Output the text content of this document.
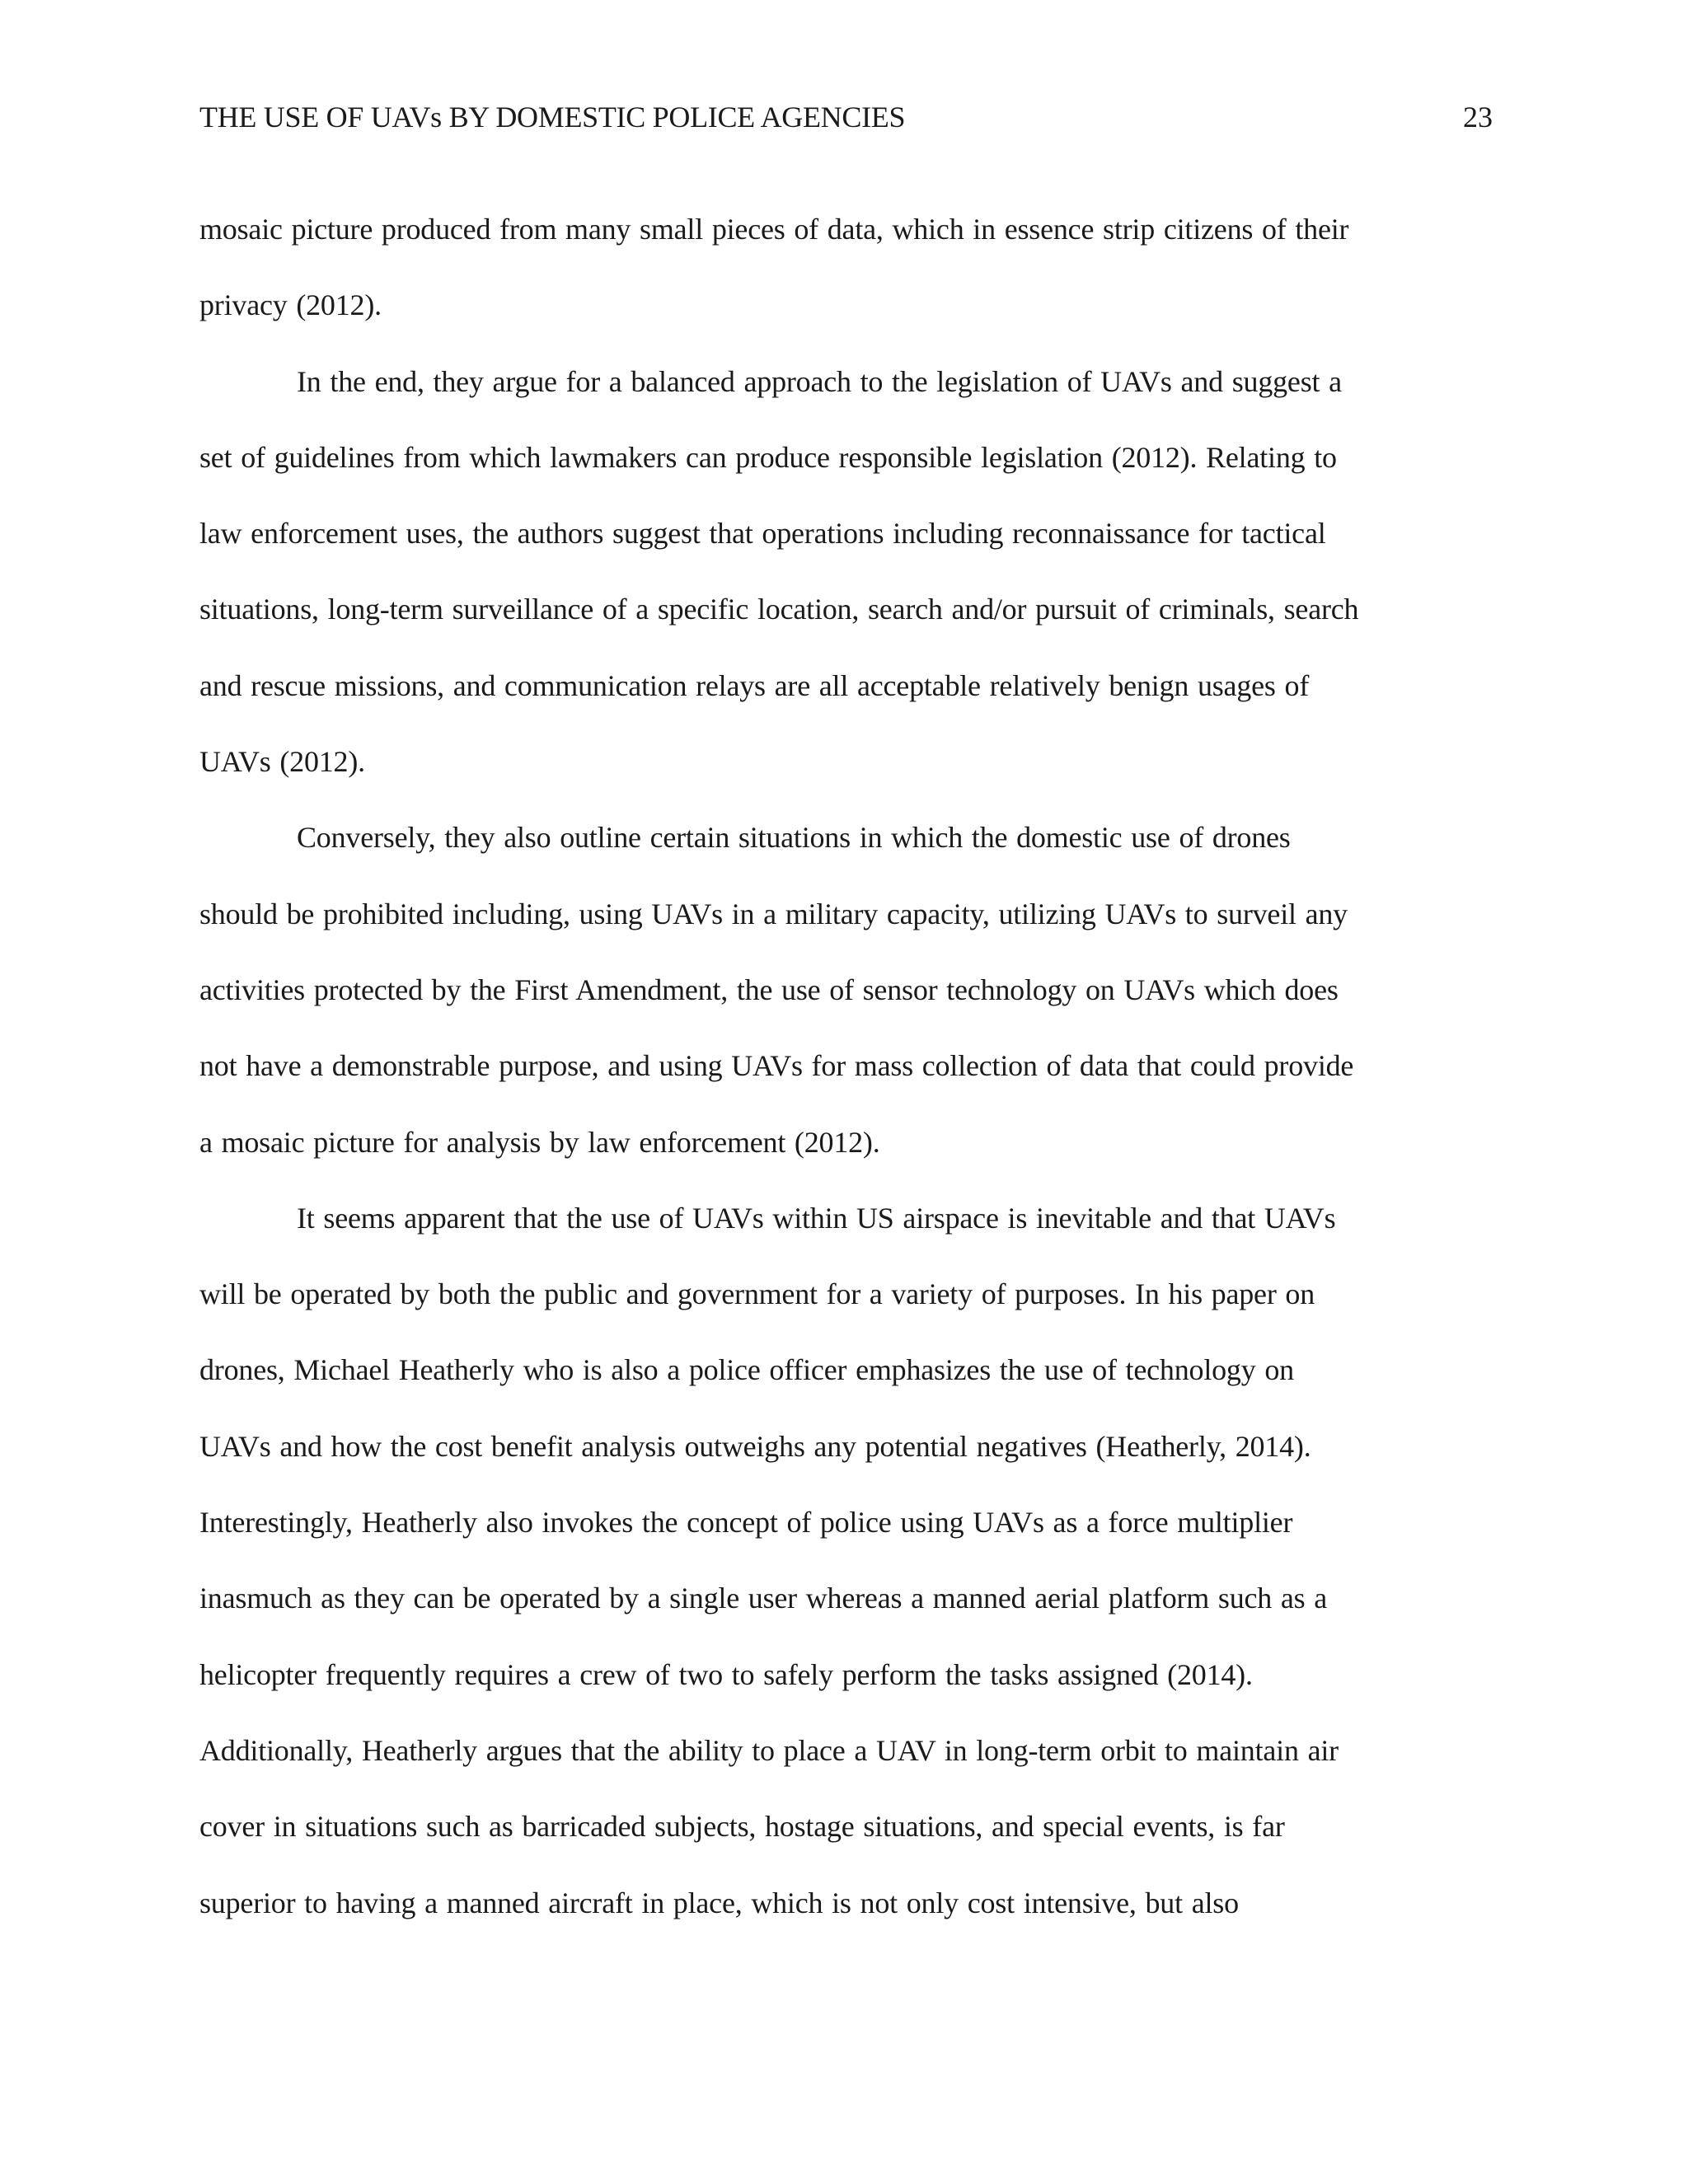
THE USE OF UAVs BY DOMESTIC POLICE AGENCIES	23

mosaic picture produced from many small pieces of data, which in essence strip citizens of their
privacy (2012).

In the end, they argue for a balanced approach to the legislation of UAVs and suggest a
set of guidelines from which lawmakers can produce responsible legislation (2012). Relating to
law enforcement uses, the authors suggest that operations including reconnaissance for tactical
situations, long-term surveillance of a specific location, search and/or pursuit of criminals, search
and rescue missions, and communication relays are all acceptable relatively benign usages of
UAVs (2012).

Conversely, they also outline certain situations in which the domestic use of drones
should be prohibited including, using UAVs in a military capacity, utilizing UAVs to surveil any
activities protected by the First Amendment, the use of sensor technology on UAVs which does
not have a demonstrable purpose, and using UAVs for mass collection of data that could provide
a mosaic picture for analysis by law enforcement (2012).

It seems apparent that the use of UAVs within US airspace is inevitable and that UAVs
will be operated by both the public and government for a variety of purposes. In his paper on
drones, Michael Heatherly who is also a police officer emphasizes the use of technology on
UAVs and how the cost benefit analysis outweighs any potential negatives (Heatherly, 2014).
Interestingly, Heatherly also invokes the concept of police using UAVs as a force multiplier
inasmuch as they can be operated by a single user whereas a manned aerial platform such as a
helicopter frequently requires a crew of two to safely perform the tasks assigned (2014).
Additionally, Heatherly argues that the ability to place a UAV in long-term orbit to maintain air
cover in situations such as barricaded subjects, hostage situations, and special events, is far
superior to having a manned aircraft in place, which is not only cost intensive, but also
